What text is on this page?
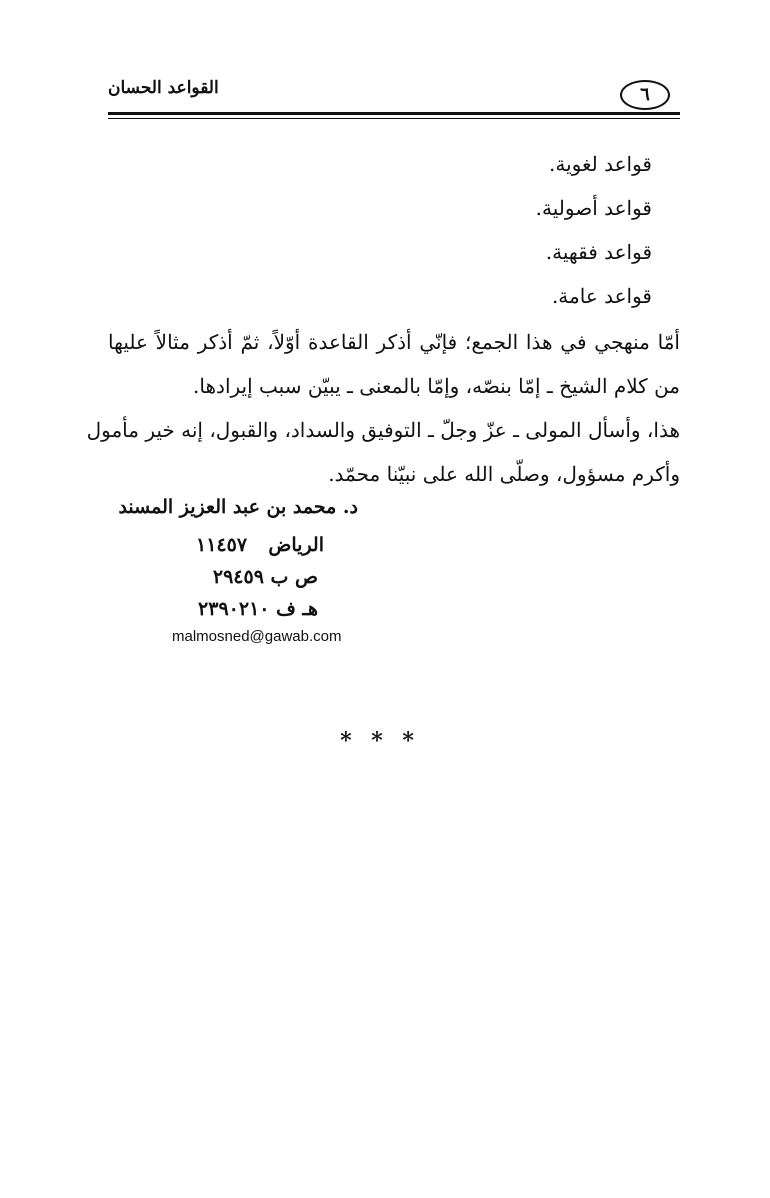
القواعد الحسان	٦
قواعد لغوية.
قواعد أصولية.
قواعد فقهية.
قواعد عامة.
أمّا منهجي في هذا الجمع؛ فإنّي أذكر القاعدة أوّلاً، ثمّ أذكر مثالاً عليها
من كلام الشيخ ـ إمّا بنصّه، وإمّا بالمعنى ـ يبيّن سبب إيرادها.
هذا، وأسأل المولى ـ عزّ وجلّ ـ التوفيق والسداد، والقبول، إنه خير مأمول
وأكرم مسؤول، وصلّى الله على نبيّنا محمّد.
د. محمد بن عبد العزيز المسند
الرياض
١١٤٥٧
ص ب ٢٩٤٥٩
هـ ف ٢٣٩٠٢١٠
malmosned@gawab.com
* * *
